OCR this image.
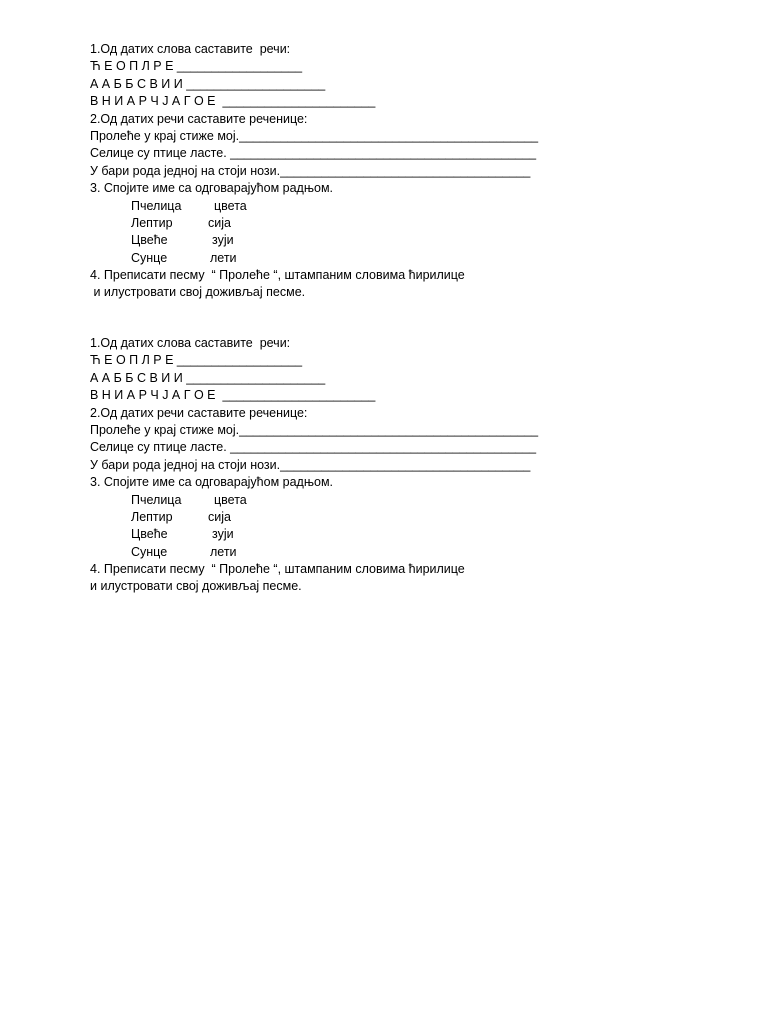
1.Од датих слова саставите  речи:
Ћ Е О П Л Р Е __________________
А А Б Б С В И И ____________________
В Н И А Р Ч Ј А Г О Е  ______________________
2.Од датих речи саставите реченице:
Пролеће у крај стиже мој.___________________________________________
Селице су птице ласте. ____________________________________________
У бари рода једној на стоји нози.____________________________________
3. Спојите име са одговарајућом радњом.
Пчелица	цвета
Лептир	сија
Цвеће	зуји
Сунце	лети
4. Преписати песму  “ Пролеће “, штампаним словима ћирилице
и илустровати свој доживљај песме.
1.Од датих слова саставите  речи:
Ћ Е О П Л Р Е __________________
А А Б Б С В И И ____________________
В Н И А Р Ч Ј А Г О Е  ______________________
2.Од датих речи саставите реченице:
Пролеће у крај стиже мој.___________________________________________
Селице су птице ласте. ____________________________________________
У бари рода једној на стоји нози.____________________________________
3. Спојите име са одговарајућом радњом.
Пчелица	цвета
Лептир	сија
Цвеће	зуји
Сунце	лети
4. Преписати песму  “ Пролеће “, штампаним словима ћирилице
и илустровати свој доживљај песме.
